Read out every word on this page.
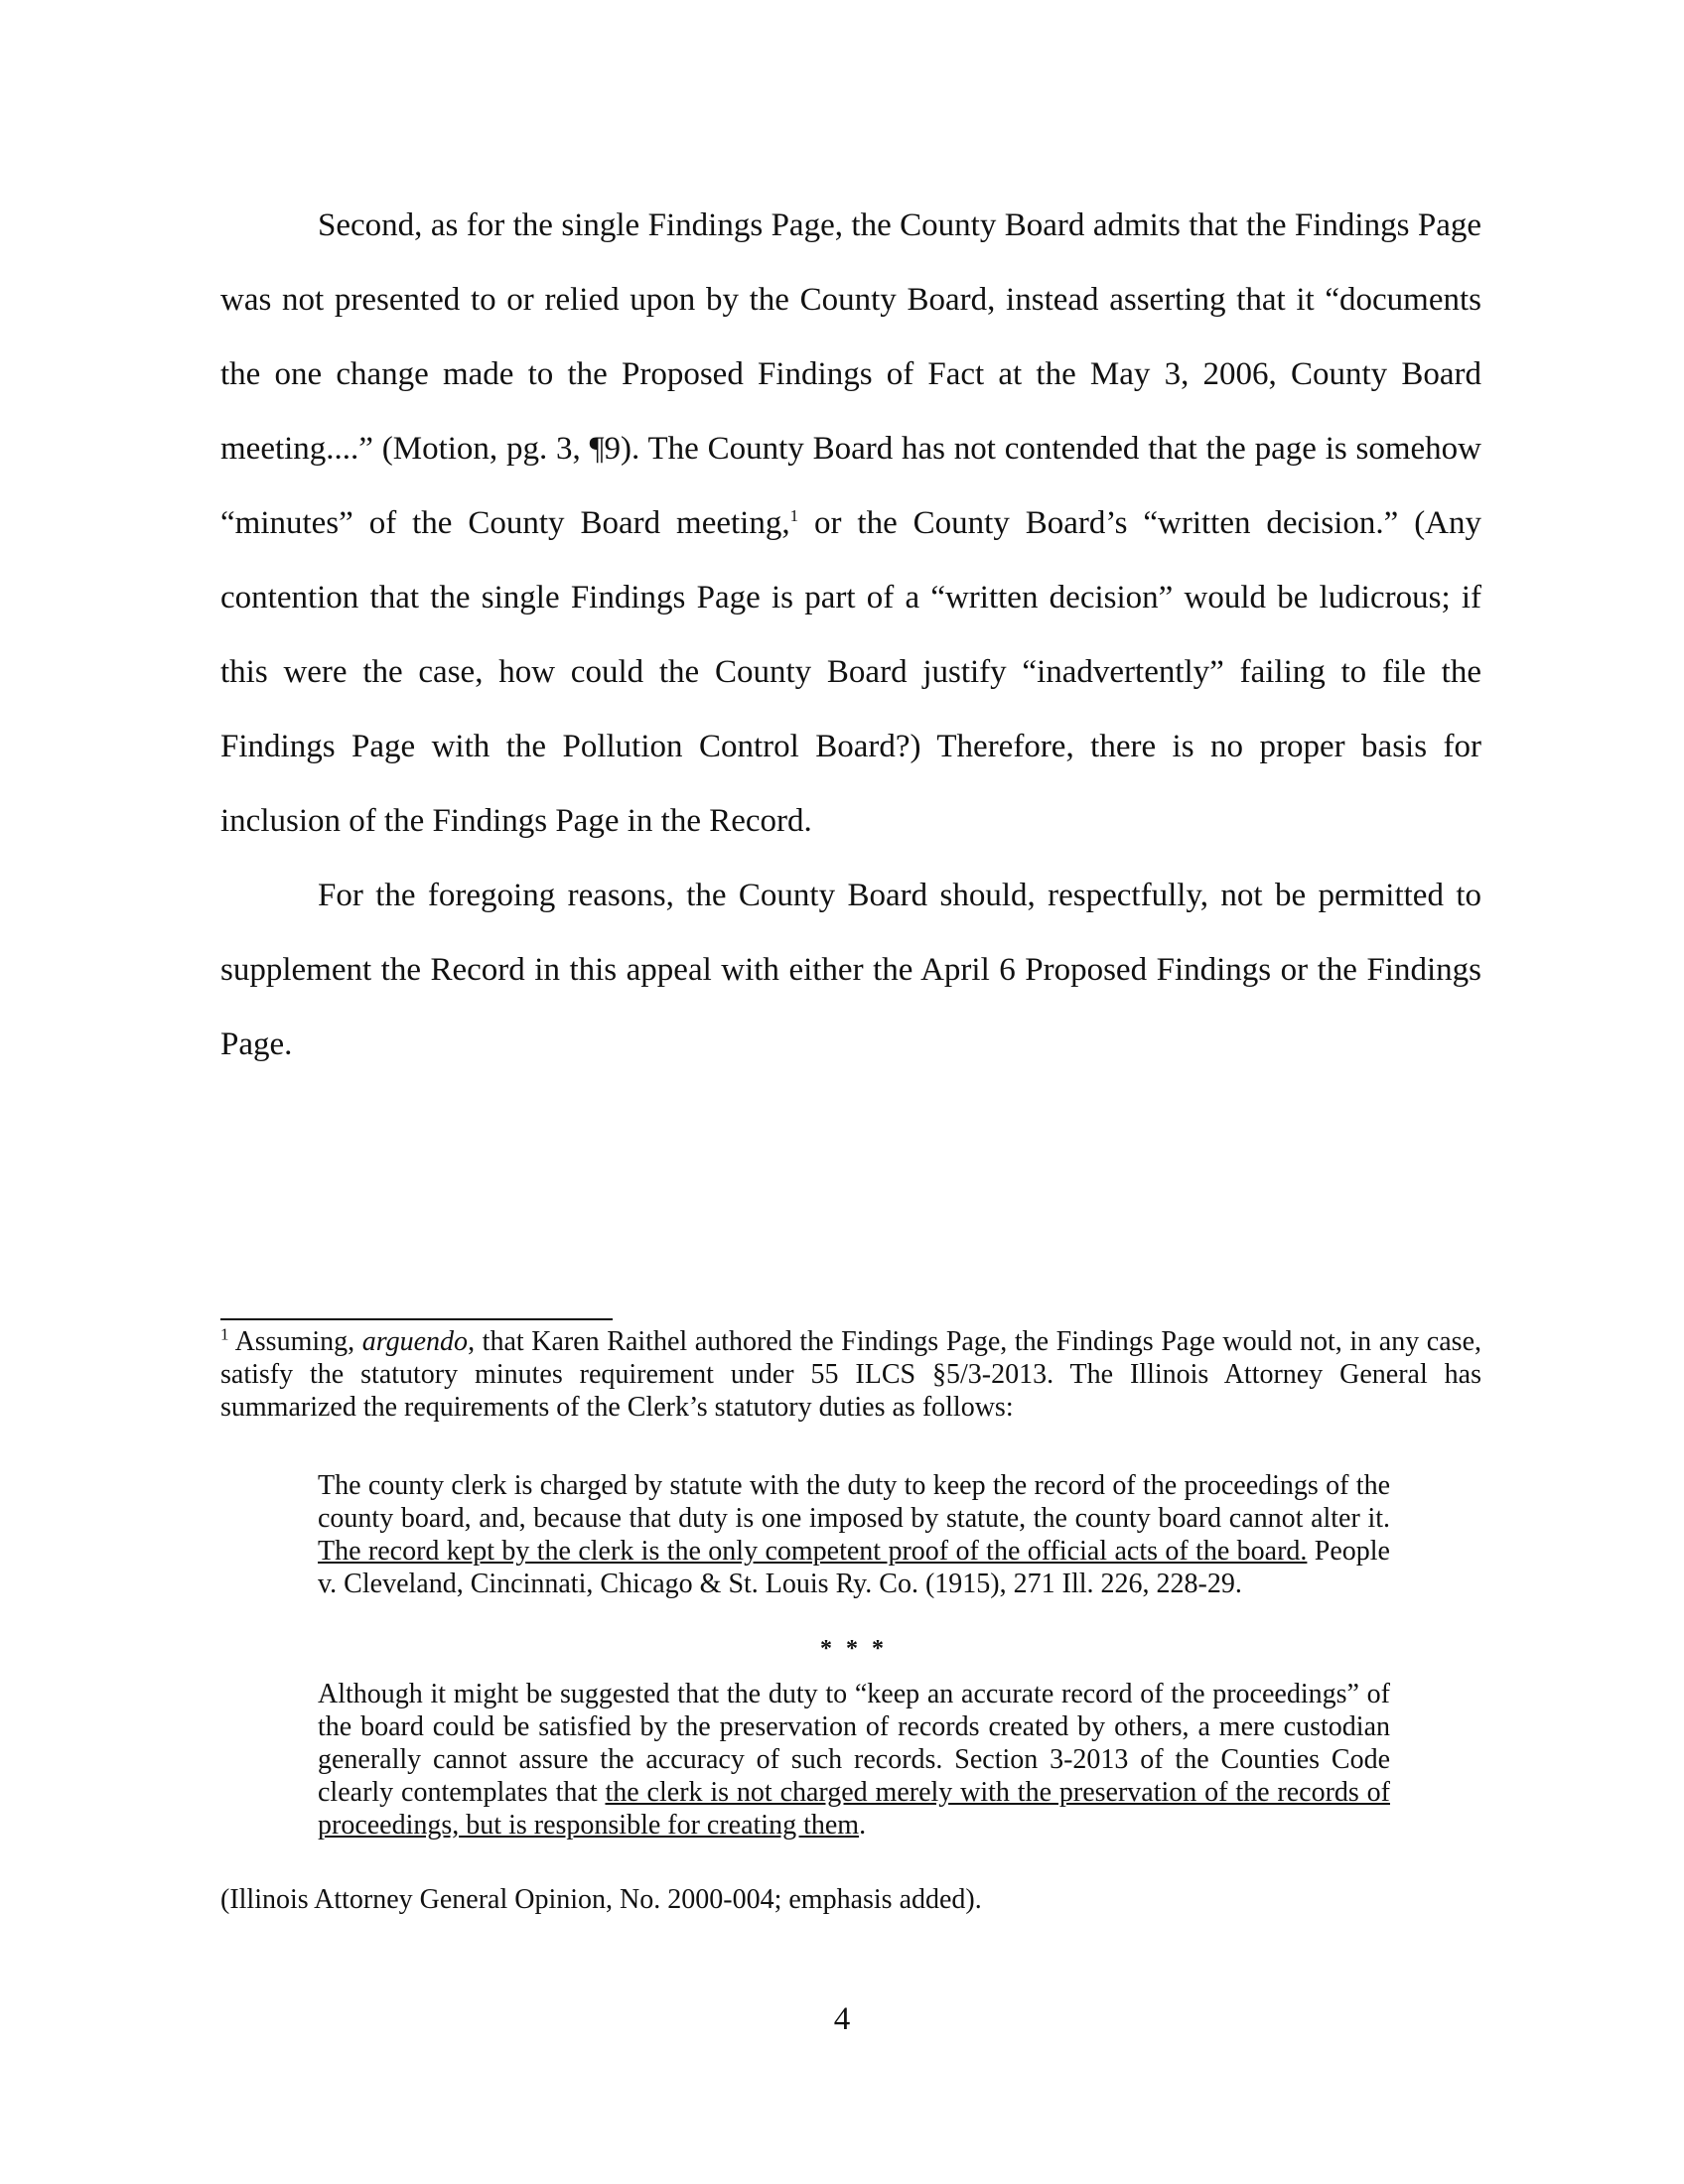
Second, as for the single Findings Page, the County Board admits that the Findings Page was not presented to or relied upon by the County Board, instead asserting that it “documents the one change made to the Proposed Findings of Fact at the May 3, 2006, County Board meeting....” (Motion, pg. 3, ¶9). The County Board has not contended that the page is somehow “minutes” of the County Board meeting,$^1$ or the County Board’s “written decision.” (Any contention that the single Findings Page is part of a “written decision” would be ludicrous; if this were the case, how could the County Board justify “inadvertently” failing to file the Findings Page with the Pollution Control Board?) Therefore, there is no proper basis for inclusion of the Findings Page in the Record.

For the foregoing reasons, the County Board should, respectfully, not be permitted to supplement the Record in this appeal with either the April 6 Proposed Findings or the Findings Page.

$^1$ Assuming, arguendo, that Karen Raithel authored the Findings Page, the Findings Page would not, in any case, satisfy the statutory minutes requirement under 55 ILCS §5/3-2013. The Illinois Attorney General has summarized the requirements of the Clerk’s statutory duties as follows:

The county clerk is charged by statute with the duty to keep the record of the proceedings of the county board, and, because that duty is one imposed by statute, the county board cannot alter it. The record kept by the clerk is the only competent proof of the official acts of the board. People v. Cleveland, Cincinnati, Chicago & St. Louis Ry. Co. (1915), 271 Ill. 226, 228-29.
* * *
Although it might be suggested that the duty to “keep an accurate record of the proceedings” of the board could be satisfied by the preservation of records created by others, a mere custodian generally cannot assure the accuracy of such records. Section 3-2013 of the Counties Code clearly contemplates that the clerk is not charged merely with the preservation of the records of proceedings, but is responsible for creating them.
(Illinois Attorney General Opinion, No. 2000-004; emphasis added).
4
